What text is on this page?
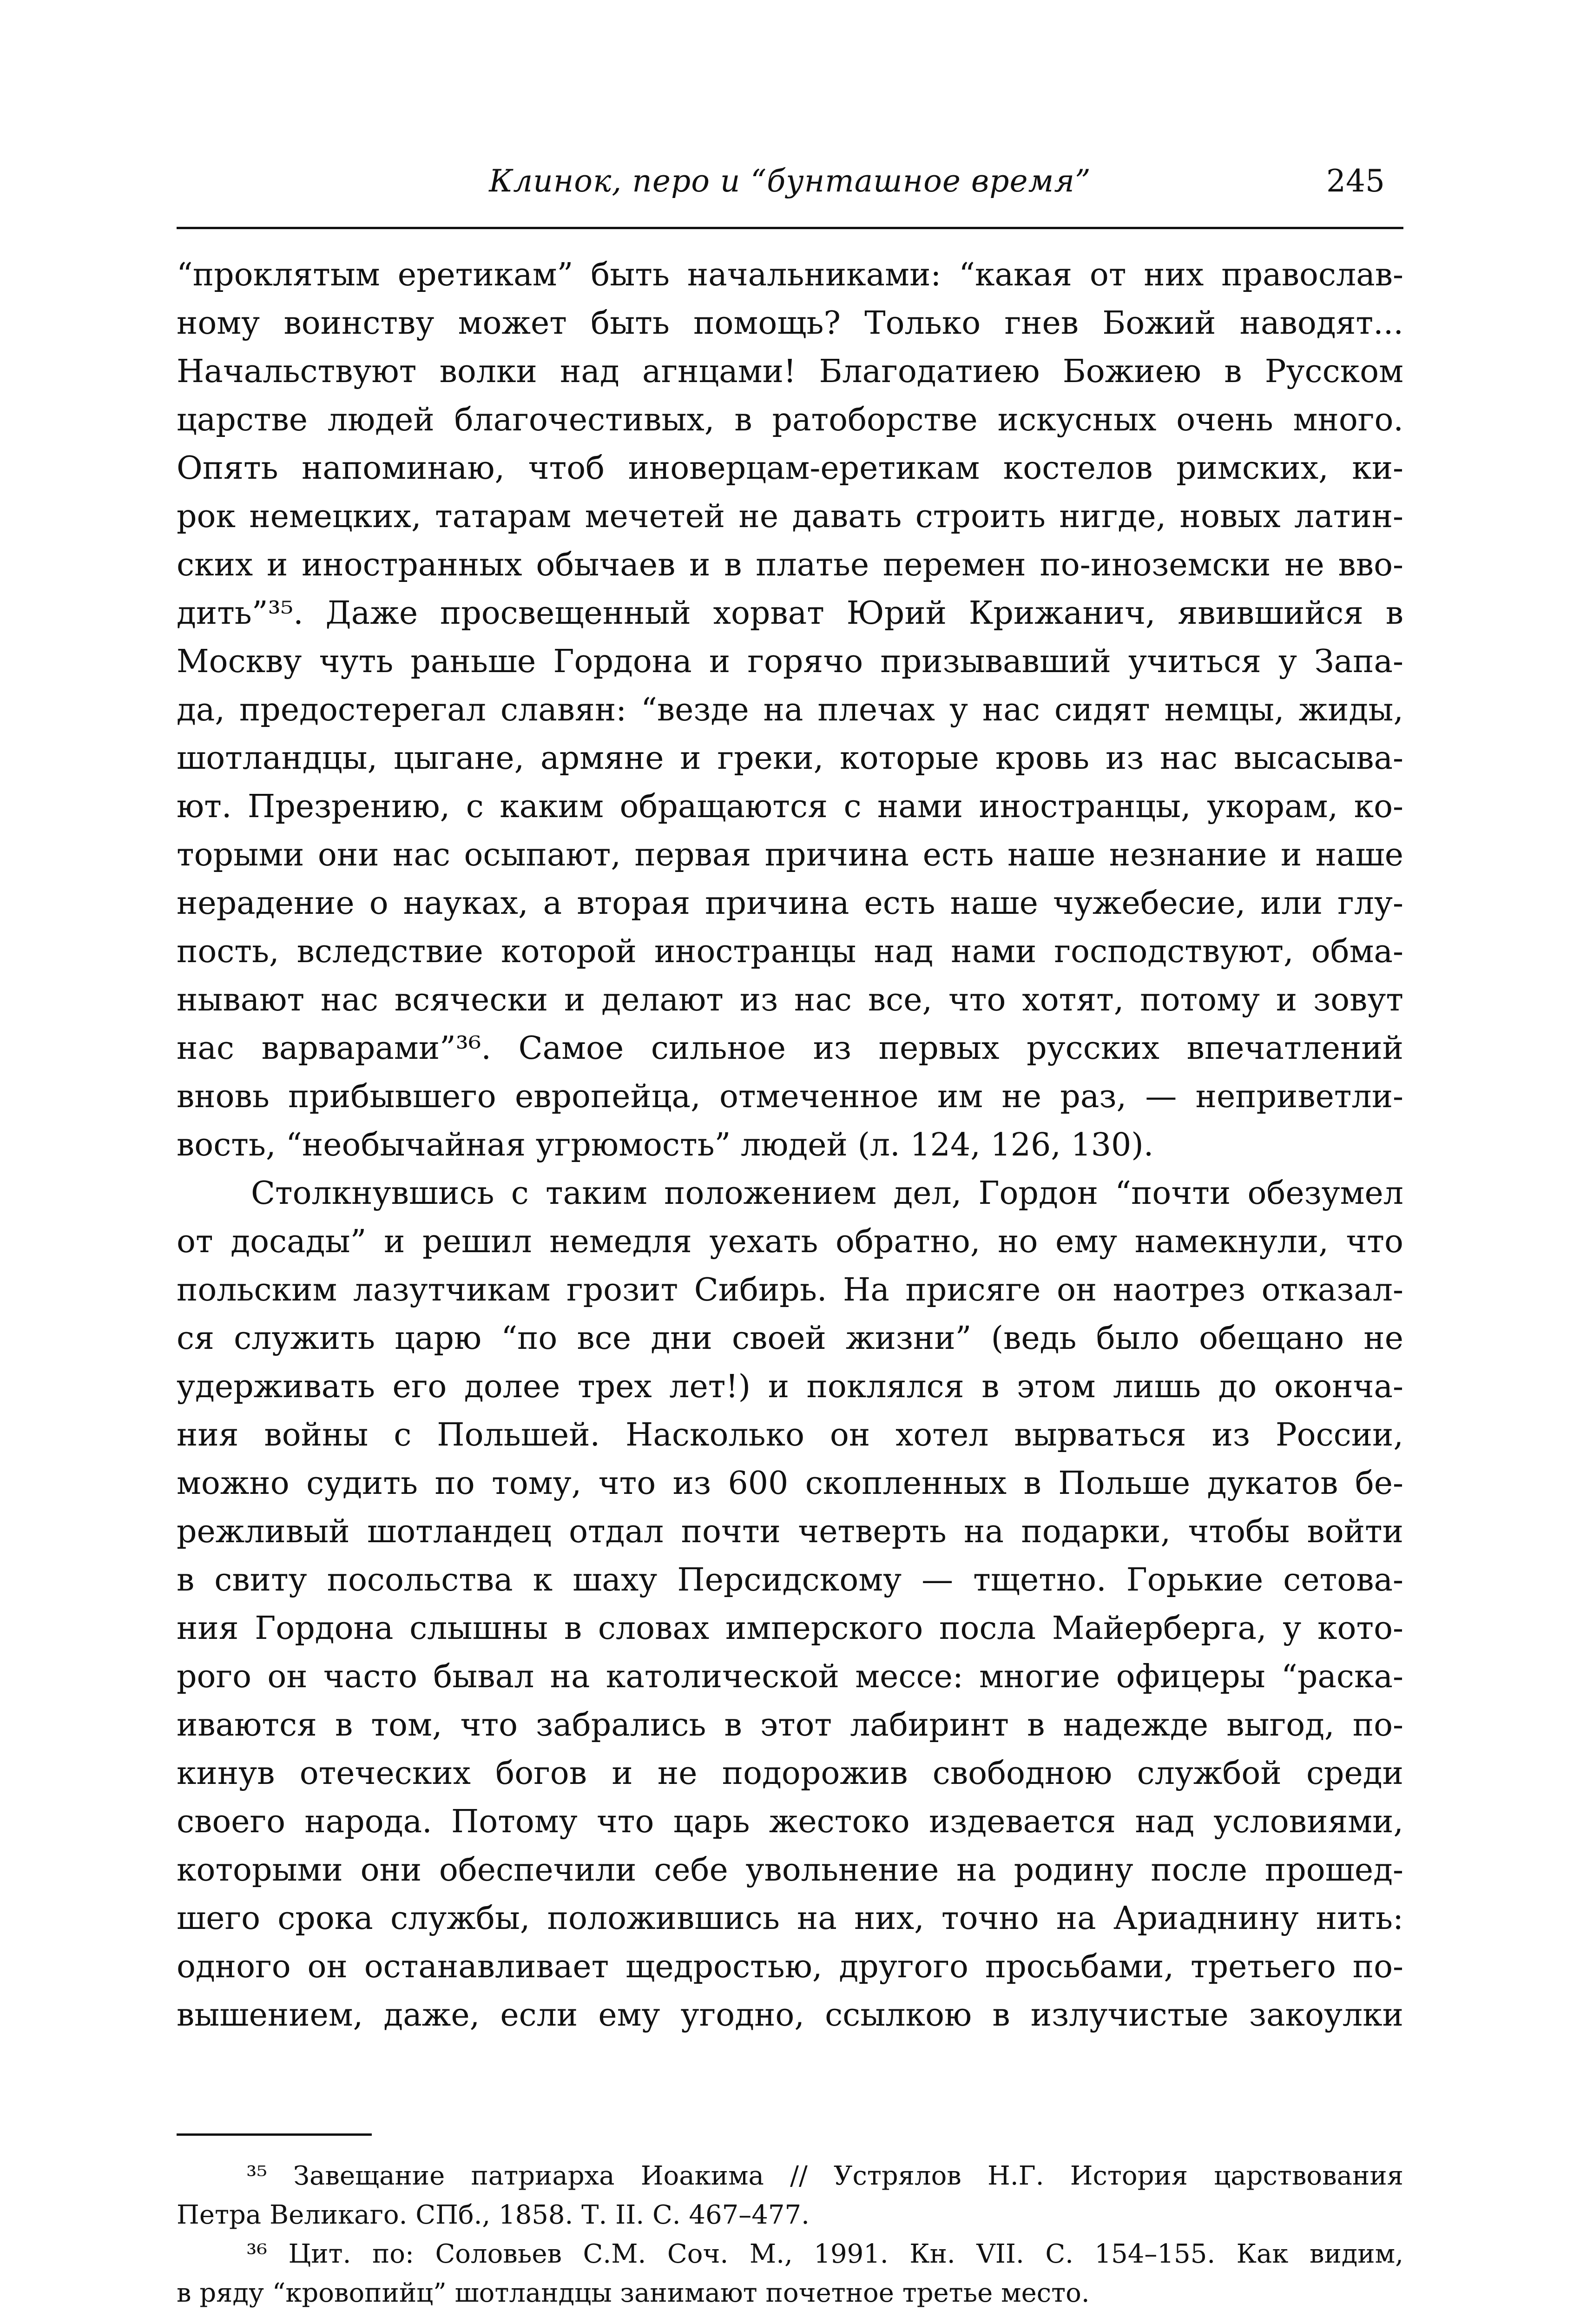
Клинок, перо и “бунташное время”	245
“проклятым еретикам” быть начальниками: “какая от них православ-
ному воинству может быть помощь? Только гнев Божий наводят...
Начальствуют волки над агнцами! Благодатиею Божиею в Русском
царстве людей благочестивых, в ратоборстве искусных очень много.
Опять напоминаю, чтоб иноверцам-еретикам костелов римских, ки-
рок немецких, татарам мечетей не давать строить нигде, новых латин-
ских и иностранных обычаев и в платье перемен по-иноземски не вво-
дить”³⁵. Даже просвещенный хорват Юрий Крижанич, явившийся в
Москву чуть раньше Гордона и горячо призывавший учиться у Запа-
да, предостерегал славян: “везде на плечах у нас сидят немцы, жиды,
шотландцы, цыгане, армяне и греки, которые кровь из нас высасыва-
ют. Презрению, с каким обращаются с нами иностранцы, укорам, ко-
торыми они нас осыпают, первая причина есть наше незнание и наше
нерадение о науках, а вторая причина есть наше чужебесие, или глу-
пость, вследствие которой иностранцы над нами господствуют, обма-
нывают нас всячески и делают из нас все, что хотят, потому и зовут
нас варварами”³⁶. Самое сильное из первых русских впечатлений
вновь прибывшего европейца, отмеченное им не раз, — неприветли-
вость, “необычайная угрюмость” людей (л. 124, 126, 130).
Столкнувшись с таким положением дел, Гордон “почти обезумел
от досады” и решил немедля уехать обратно, но ему намекнули, что
польским лазутчикам грозит Сибирь. На присяге он наотрез отказал-
ся служить царю “по все дни своей жизни” (ведь было обещано не
удерживать его долее трех лет!) и поклялся в этом лишь до оконча-
ния войны с Польшей. Насколько он хотел вырваться из России,
можно судить по тому, что из 600 скопленных в Польше дукатов бе-
режливый шотландец отдал почти четверть на подарки, чтобы войти
в свиту посольства к шаху Персидскому — тщетно. Горькие сетова-
ния Гордона слышны в словах имперского посла Майерберга, у кото-
рого он часто бывал на католической мессе: многие офицеры “раска-
иваются в том, что забрались в этот лабиринт в надежде выгод, по-
кинув отеческих богов и не подорожив свободною службой среди
своего народа. Потому что царь жестоко издевается над условиями,
которыми они обеспечили себе увольнение на родину после прошед-
шего срока службы, положившись на них, точно на Ариаднину нить:
одного он останавливает щедростью, другого просьбами, третьего по-
вышением, даже, если ему угодно, ссылкою в излучистые закоулки
³⁵ Завещание патриарха Иоакима // Устрялов Н.Г. История царствования
Петра Великаго. СПб., 1858. Т. II. С. 467–477.
³⁶ Цит. по: Соловьев С.М. Соч. М., 1991. Кн. VII. С. 154–155. Как видим,
в ряду “кровопийц” шотландцы занимают почетное третье место.
